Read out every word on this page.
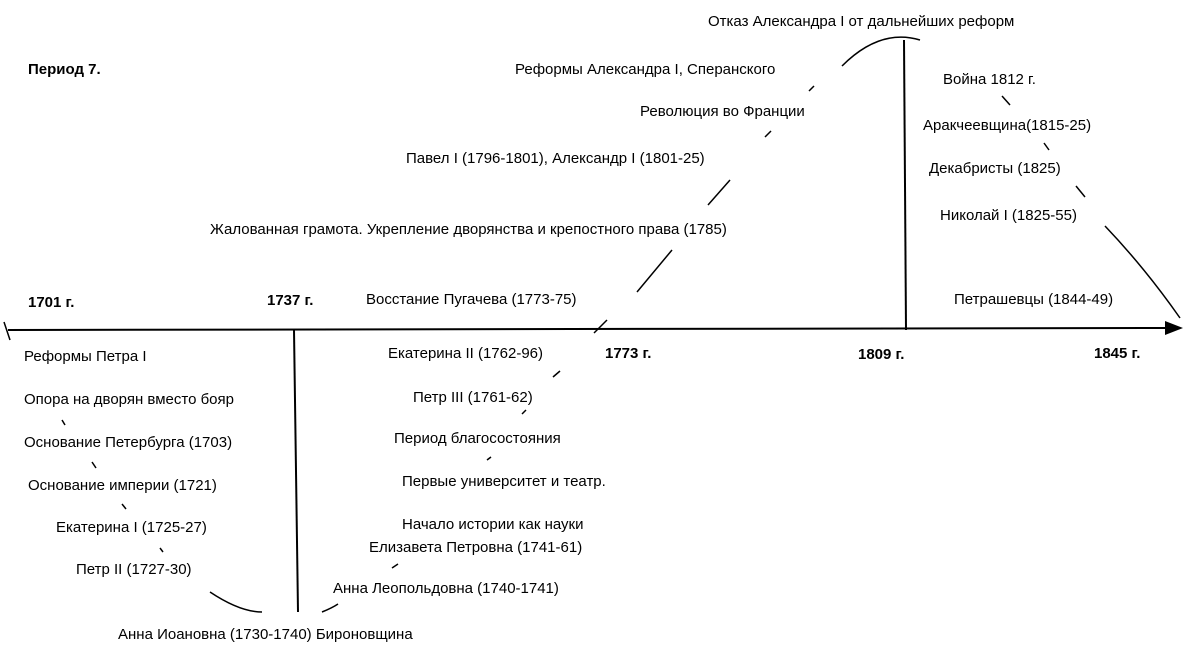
Период 7.
1701 г.	1737 г.
1773 г.	1809 г.	1845 г.
Отказ Александра I от дальнейших реформ
Реформы Александра I, Сперанского
Революция во Франции
Павел I (1796-1801), Александр I (1801-25)
Жалованная грамота. Укрепление дворянства и крепостного права (1785)
Восстание Пугачева (1773-75)
Екатерина II (1762-96)
Петр III (1761-62)
Период благосостояния
Первые университет и театр.
Начало истории как науки
Елизавета Петровна (1741-61)
Анна Леопольдовна (1740-1741)
Анна Иоановна (1730-1740) Бироновщина
Реформы Петра I
Опора на дворян вместо бояр
Основание Петербурга (1703)
Основание империи (1721)
Екатерина I (1725-27)
Петр II (1727-30)
Война 1812 г.
Аракчеевщина(1815-25)
Декабристы (1825)
Николай I (1825-55)
Петрашевцы (1844-49)
